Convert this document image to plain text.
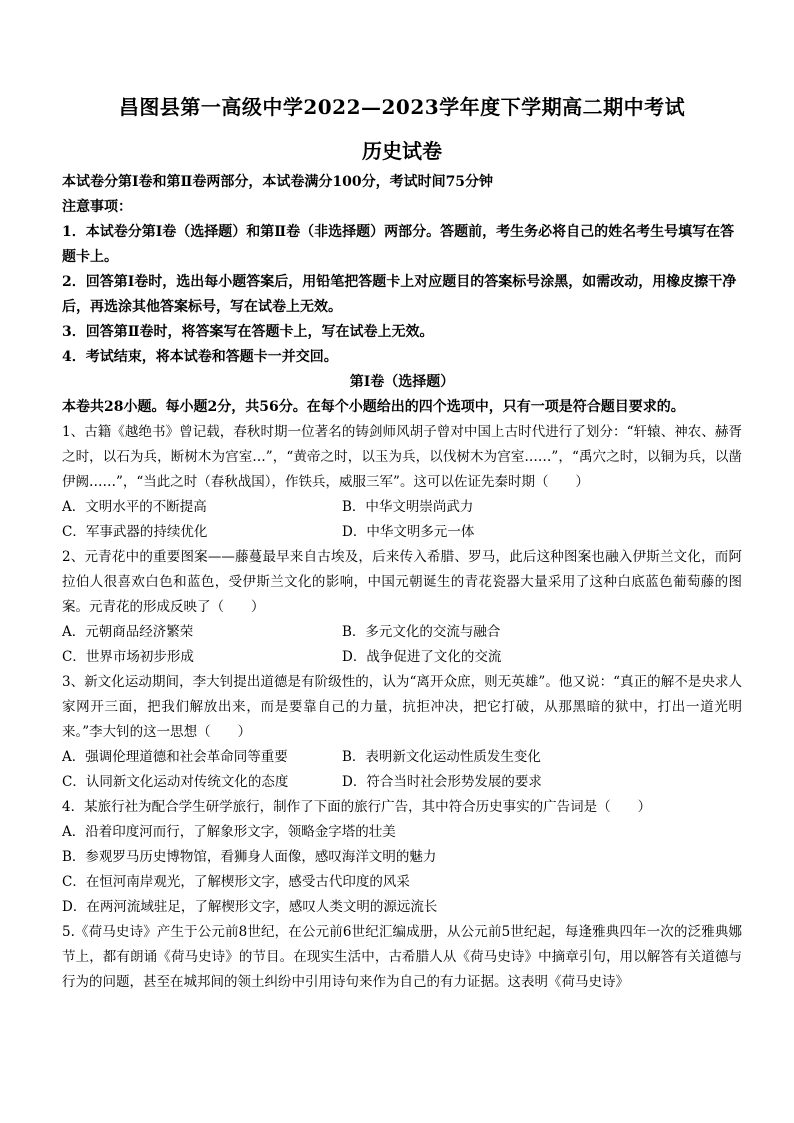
昌图县第一高级中学2022—2023学年度下学期高二期中考试
历史试卷
本试卷分第Ⅰ卷和第Ⅱ卷两部分，本试卷满分100分，考试时间75分钟
注意事项：
1．本试卷分第Ⅰ卷（选择题）和第Ⅱ卷（非选择题）两部分。答题前，考生务必将自己的姓名考生号填写在答题卡上。
2．回答第Ⅰ卷时，选出每小题答案后，用铅笔把答题卡上对应题目的答案标号涂黑，如需改动，用橡皮擦干净后，再选涂其他答案标号，写在试卷上无效。
3．回答第Ⅱ卷时，将答案写在答题卡上，写在试卷上无效。
4．考试结束，将本试卷和答题卡一并交回。
第Ⅰ卷（选择题）
本卷共28小题。每小题2分，共56分。在每个小题给出的四个选项中，只有一项是符合题目要求的。
1、古籍《越绝书》曾记载，春秋时期一位著名的铸剑师风胡子曾对中国上古时代进行了划分：“轩辕、神农、赫胥之时，以石为兵，断树木为宫室…”，“黄帝之时，以玉为兵，以伐树木为宫室……”，“禹穴之时，以铜为兵，以凿伊阙……”，“当此之时（春秋战国），作铁兵，威服三军”。这可以佐证先秦时期（　　）
A．文明水平的不断提高	B．中华文明崇尚武力
C．军事武器的持续优化	D．中华文明多元一体
2、元青花中的重要图案——藤蔓最早来自古埃及，后来传入希腊、罗马，此后这种图案也融入伊斯兰文化，而阿拉伯人很喜欢白色和蓝色，受伊斯兰文化的影响，中国元朝诞生的青花瓷器大量采用了这种白底蓝色葡萄藤的图案。元青花的形成反映了（　　）
A．元朝商品经济繁荣	B．多元文化的交流与融合
C．世界市场初步形成	D．战争促进了文化的交流
3、新文化运动期间，李大钊提出道德是有阶级性的，认为“离开众庶，则无英雄”。他又说：“真正的解不是央求人家网开三面，把我们解放出来，而是要靠自己的力量，抗拒冲决，把它打破，从那黑暗的狱中，打出一道光明来。”李大钊的这一思想（　　）
A．强调伦理道德和社会革命同等重要	B．表明新文化运动性质发生变化
C．认同新文化运动对传统文化的态度	D．符合当时社会形势发展的要求
4．某旅行社为配合学生研学旅行，制作了下面的旅行广告，其中符合历史事实的广告词是（　　）
A．沿着印度河而行，了解象形文字，领略金字塔的壮美
B．参观罗马历史博物馆，看狮身人面像，感叹海洋文明的魅力
C．在恒河南岸观光，了解楔形文字，感受古代印度的风采
D．在两河流域驻足，了解楔形文字，感叹人类文明的源远流长
5.《荷马史诗》产生于公元前8世纪，在公元前6世纪汇编成册，从公元前5世纪起，每逢雅典四年一次的泛雅典娜节上，都有朗诵《荷马史诗》的节目。在现实生活中，古希腊人从《荷马史诗》中摘章引句，用以解答有关道德与行为的问题，甚至在城邦间的领土纠纷中引用诗句来作为自己的有力证据。这表明《荷马史诗》
